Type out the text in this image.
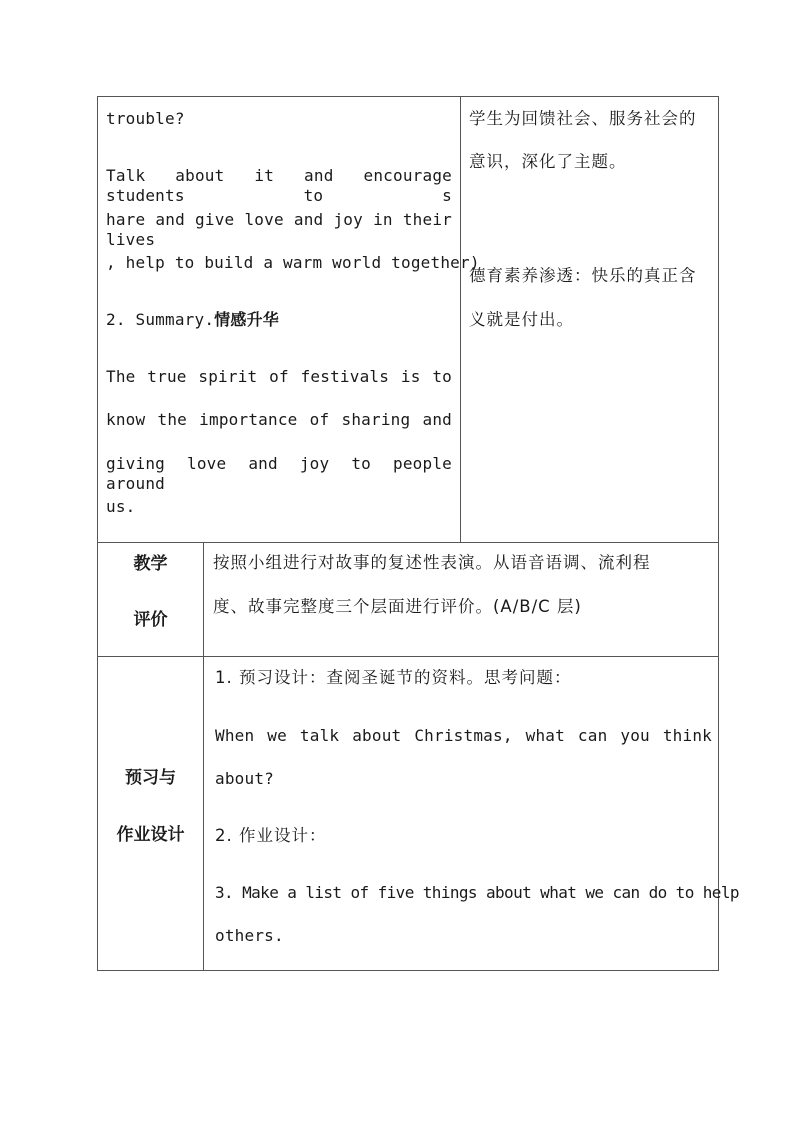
trouble?
Talk about it and encourage students to s
hare and give love and joy in their lives
, help to build a warm world together)
2. Summary.情感升华
The true spirit of festivals is to
know the importance of sharing and
giving love and joy to people around
us.
学生为回馈社会、服务社会的
意识，深化了主题。
德育素养渗透：快乐的真正含
义就是付出。
教学
评价
按照小组进行对故事的复述性表演。从语音语调、流利程
度、故事完整度三个层面进行评价。(A/B/C 层)
预习与
作业设计
1. 预习设计：查阅圣诞节的资料。思考问题：
When we talk about Christmas, what can you think
about?
2. 作业设计：
3. Make a list of five things about what we can do to help
others.
